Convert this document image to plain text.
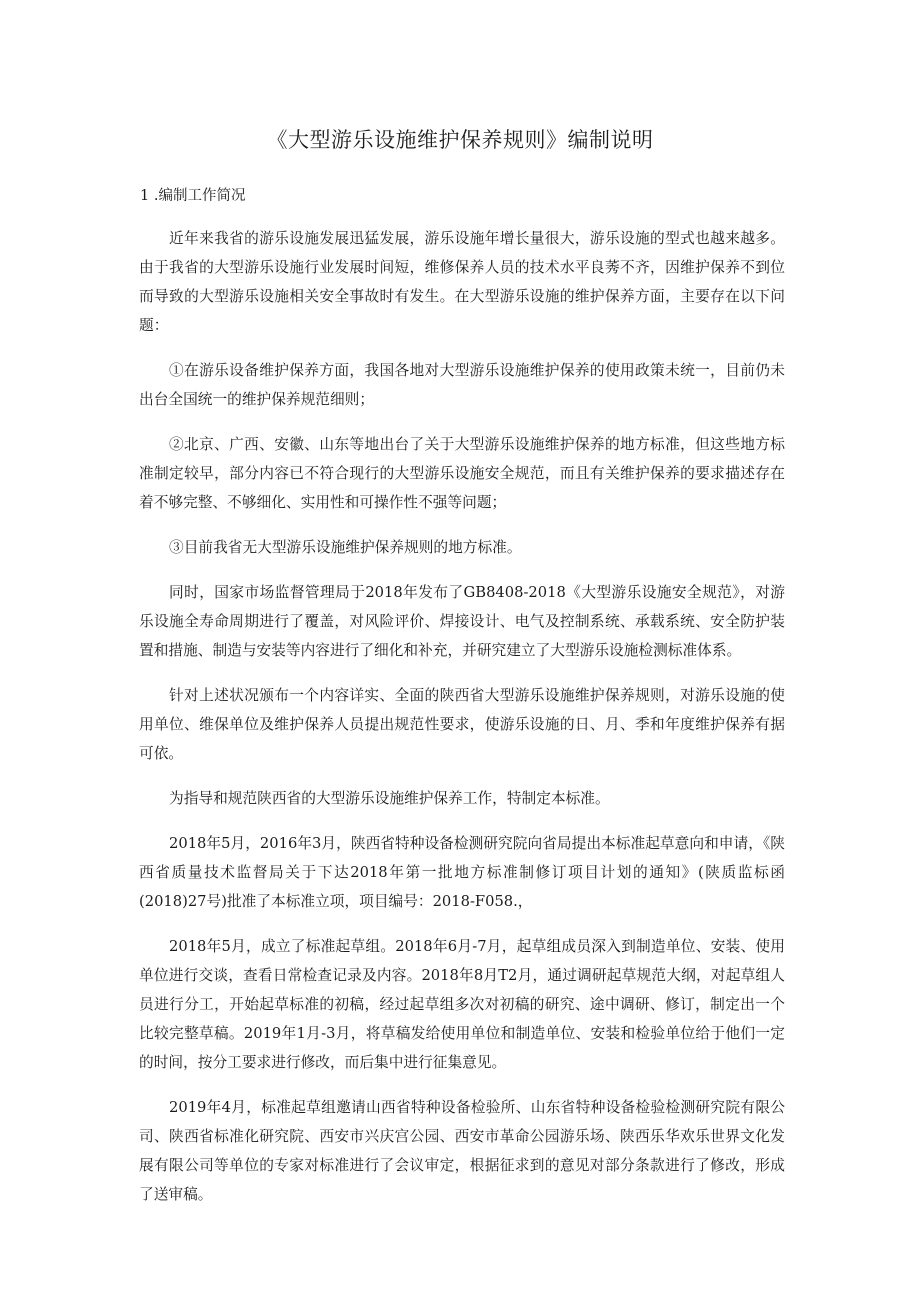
《大型游乐设施维护保养规则》编制说明
1 .编制工作简况

近年来我省的游乐设施发展迅猛发展，游乐设施年增长量很大，游乐设施的型式也越来越多。由于我省的大型游乐设施行业发展时间短，维修保养人员的技术水平良莠不齐，因维护保养不到位而导致的大型游乐设施相关安全事故时有发生。在大型游乐设施的维护保养方面，主要存在以下问题：

①在游乐设备维护保养方面，我国各地对大型游乐设施维护保养的使用政策未统一，目前仍未出台全国统一的维护保养规范细则；

②北京、广西、安徽、山东等地出台了关于大型游乐设施维护保养的地方标准，但这些地方标准制定较早，部分内容已不符合现行的大型游乐设施安全规范，而且有关维护保养的要求描述存在着不够完整、不够细化、实用性和可操作性不强等问题；

③目前我省无大型游乐设施维护保养规则的地方标准。

同时，国家市场监督管理局于2018年发布了GB8408-2018《大型游乐设施安全规范》，对游乐设施全寿命周期进行了覆盖，对风险评价、焊接设计、电气及控制系统、承载系统、安全防护装置和措施、制造与安装等内容进行了细化和补充，并研究建立了大型游乐设施检测标准体系。

针对上述状况颁布一个内容详实、全面的陕西省大型游乐设施维护保养规则，对游乐设施的使用单位、维保单位及维护保养人员提出规范性要求，使游乐设施的日、月、季和年度维护保养有据可依。

为指导和规范陕西省的大型游乐设施维护保养工作，特制定本标准。

2018年5月，2016年3月，陕西省特种设备检测研究院向省局提出本标准起草意向和申请，《陕西省质量技术监督局关于下达2018年第一批地方标准制修订项目计划的通知》(陕质监标函(2018)27号)批准了本标准立项，项目编号：2018-F058.，

2018年5月，成立了标准起草组。2018年6月-7月，起草组成员深入到制造单位、安装、使用单位进行交谈，查看日常检查记录及内容。2018年8月T2月，通过调研起草规范大纲，对起草组人员进行分工，开始起草标准的初稿，经过起草组多次对初稿的研究、途中调研、修订，制定出一个比较完整草稿。2019年1月-3月，将草稿发给使用单位和制造单位、安装和检验单位给于他们一定的时间，按分工要求进行修改，而后集中进行征集意见。

2019年4月，标准起草组邀请山西省特种设备检验所、山东省特种设备检验检测研究院有限公司、陕西省标准化研究院、西安市兴庆宫公园、西安市革命公园游乐场、陕西乐华欢乐世界文化发展有限公司等单位的专家对标准进行了会议审定，根据征求到的意见对部分条款进行了修改，形成了送审稿。
